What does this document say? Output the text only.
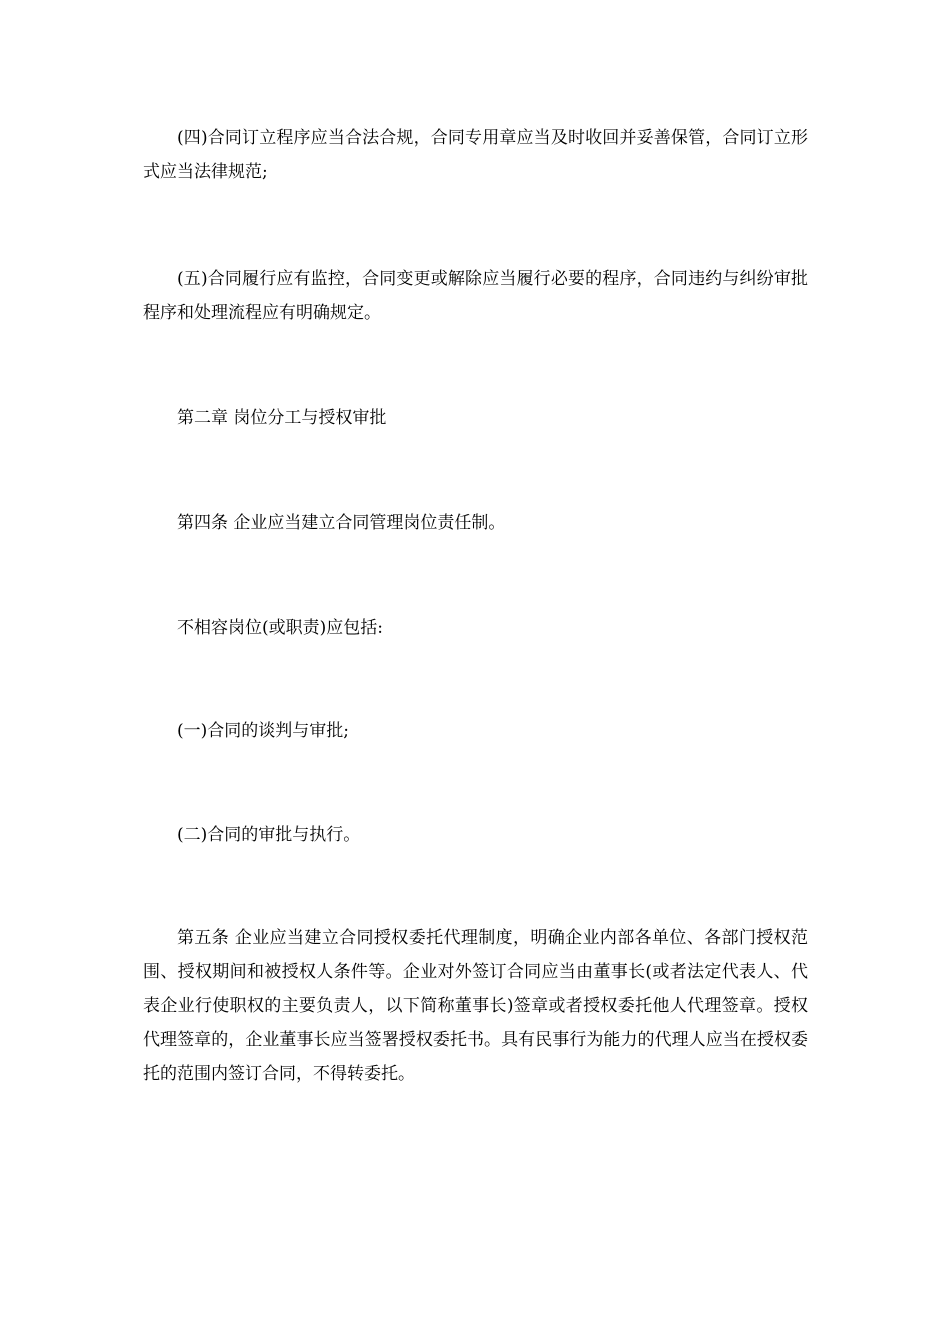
(四)合同订立程序应当合法合规，合同专用章应当及时收回并妥善保管，合同订立形式应当法律规范;

(五)合同履行应有监控，合同变更或解除应当履行必要的程序，合同违约与纠纷审批程序和处理流程应有明确规定。

第二章 岗位分工与授权审批

第四条 企业应当建立合同管理岗位责任制。

不相容岗位(或职责)应包括:

(一)合同的谈判与审批;

(二)合同的审批与执行。

第五条 企业应当建立合同授权委托代理制度，明确企业内部各单位、各部门授权范围、授权期间和被授权人条件等。企业对外签订合同应当由董事长(或者法定代表人、代表企业行使职权的主要负责人，以下简称董事长)签章或者授权委托他人代理签章。授权代理签章的，企业董事长应当签署授权委托书。具有民事行为能力的代理人应当在授权委托的范围内签订合同，不得转委托。
